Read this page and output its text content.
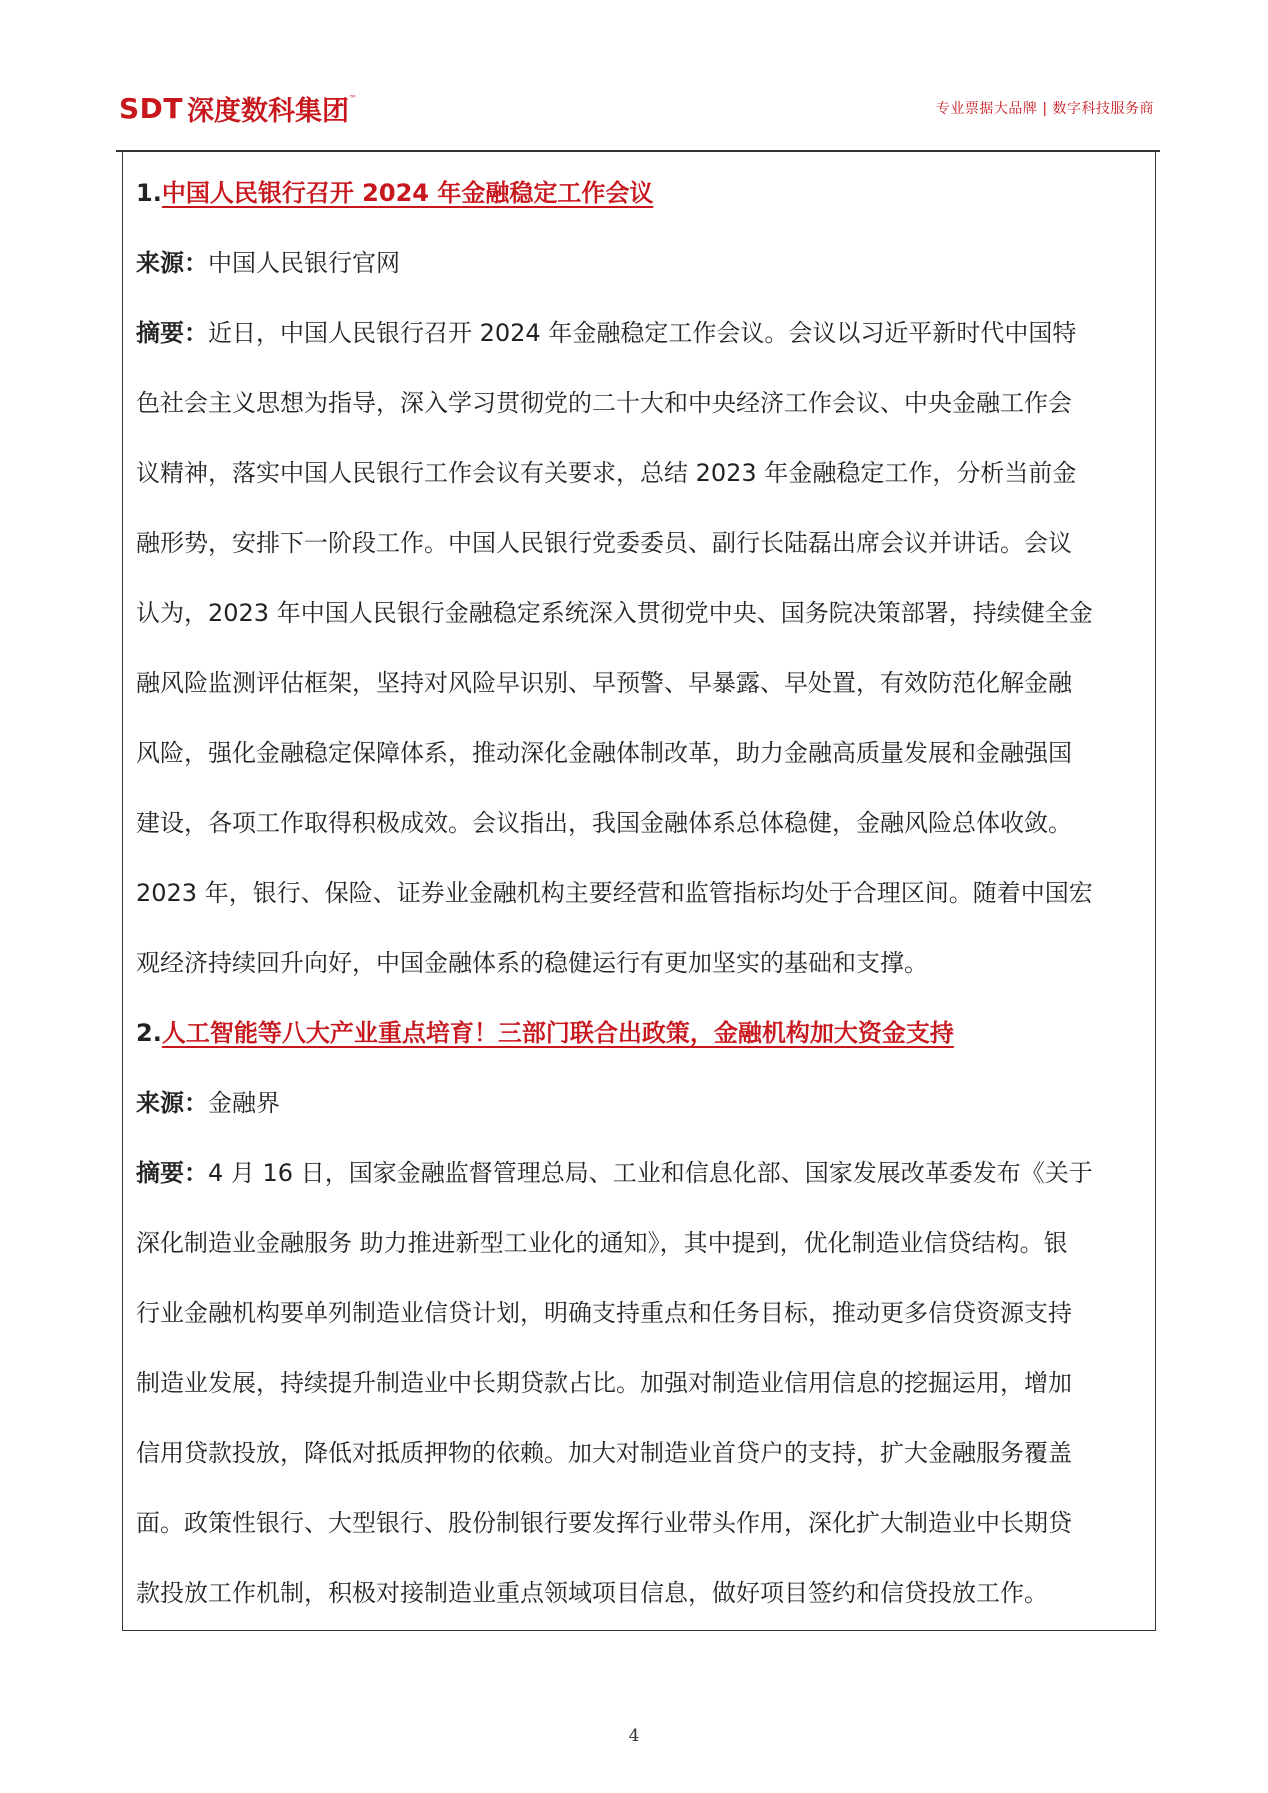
SDT 深度数科集团 ™
专业票据大品牌 | 数字科技服务商
1.中国人民银行召开 2024 年金融稳定工作会议
来源：中国人民银行官网
摘要：近日，中国人民银行召开 2024 年金融稳定工作会议。会议以习近平新时代中国特
色社会主义思想为指导，深入学习贯彻党的二十大和中央经济工作会议、中央金融工作会
议精神，落实中国人民银行工作会议有关要求，总结 2023 年金融稳定工作，分析当前金
融形势，安排下一阶段工作。中国人民银行党委委员、副行长陆磊出席会议并讲话。会议
认为，2023 年中国人民银行金融稳定系统深入贯彻党中央、国务院决策部署，持续健全金
融风险监测评估框架，坚持对风险早识别、早预警、早暴露、早处置，有效防范化解金融
风险，强化金融稳定保障体系，推动深化金融体制改革，助力金融高质量发展和金融强国
建设，各项工作取得积极成效。会议指出，我国金融体系总体稳健，金融风险总体收敛。
2023 年，银行、保险、证券业金融机构主要经营和监管指标均处于合理区间。随着中国宏
观经济持续回升向好，中国金融体系的稳健运行有更加坚实的基础和支撑。
2.人工智能等八大产业重点培育！三部门联合出政策，金融机构加大资金支持
来源：金融界
摘要：4 月 16 日，国家金融监督管理总局、工业和信息化部、国家发展改革委发布《关于
深化制造业金融服务 助力推进新型工业化的通知》，其中提到，优化制造业信贷结构。银
行业金融机构要单列制造业信贷计划，明确支持重点和任务目标，推动更多信贷资源支持
制造业发展，持续提升制造业中长期贷款占比。加强对制造业信用信息的挖掘运用，增加
信用贷款投放，降低对抵质押物的依赖。加大对制造业首贷户的支持，扩大金融服务覆盖
面。政策性银行、大型银行、股份制银行要发挥行业带头作用，深化扩大制造业中长期贷
款投放工作机制，积极对接制造业重点领域项目信息，做好项目签约和信贷投放工作。
4
